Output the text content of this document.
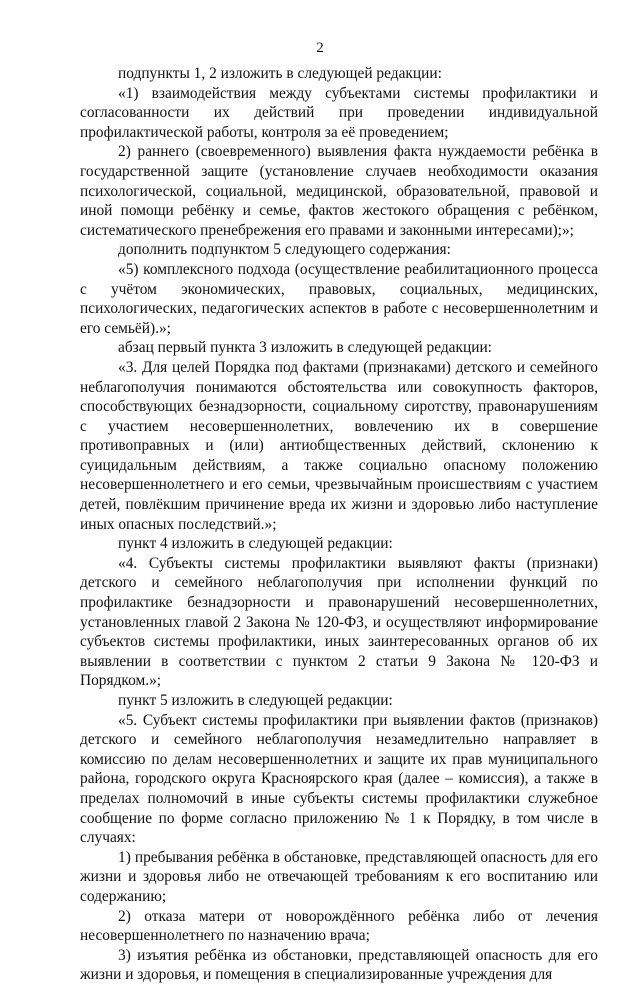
2

подпункты 1, 2 изложить в следующей редакции:

«1) взаимодействия между субъектами системы профилактики и согласованности их действий при проведении индивидуальной профилактической работы, контроля за её проведением;

2) раннего (своевременного) выявления факта нуждаемости ребёнка в государственной защите (установление случаев необходимости оказания психологической, социальной, медицинской, образовательной, правовой и иной помощи ребёнку и семье, фактов жестокого обращения с ребёнком, систематического пренебрежения его правами и законными интересами);»;

дополнить подпунктом 5 следующего содержания:

«5) комплексного подхода (осуществление реабилитационного процесса с учётом экономических, правовых, социальных, медицинских, психологических, педагогических аспектов в работе с несовершеннолетним и его семьёй).»;

абзац первый пункта 3 изложить в следующей редакции:

«3. Для целей Порядка под фактами (признаками) детского и семейного неблагополучия понимаются обстоятельства или совокупность факторов, способствующих безнадзорности, социальному сиротству, правонарушениям с участием несовершеннолетних, вовлечению их в совершение противоправных и (или) антиобщественных действий, склонению к суицидальным действиям, а также социально опасному положению несовершеннолетнего и его семьи, чрезвычайным происшествиям с участием детей, повлёкшим причинение вреда их жизни и здоровью либо наступление иных опасных последствий.»;

пункт 4 изложить в следующей редакции:

«4. Субъекты системы профилактики выявляют факты (признаки) детского и семейного неблагополучия при исполнении функций по профилактике безнадзорности и правонарушений несовершеннолетних, установленных главой 2 Закона № 120-ФЗ, и осуществляют информирование субъектов системы профилактики, иных заинтересованных органов об их выявлении в соответствии с пунктом 2 статьи 9 Закона № 120-ФЗ и Порядком.»;

пункт 5 изложить в следующей редакции:

«5. Субъект системы профилактики при выявлении фактов (признаков) детского и семейного неблагополучия незамедлительно направляет в комиссию по делам несовершеннолетних и защите их прав муниципального района, городского округа Красноярского края (далее – комиссия), а также в пределах полномочий в иные субъекты системы профилактики служебное сообщение по форме согласно приложению № 1 к Порядку, в том числе в случаях:

1) пребывания ребёнка в обстановке, представляющей опасность для его жизни и здоровья либо не отвечающей требованиям к его воспитанию или содержанию;

2) отказа матери от новорождённого ребёнка либо от лечения несовершеннолетнего по назначению врача;

3) изъятия ребёнка из обстановки, представляющей опасность для его жизни и здоровья, и помещения в специализированные учреждения для
